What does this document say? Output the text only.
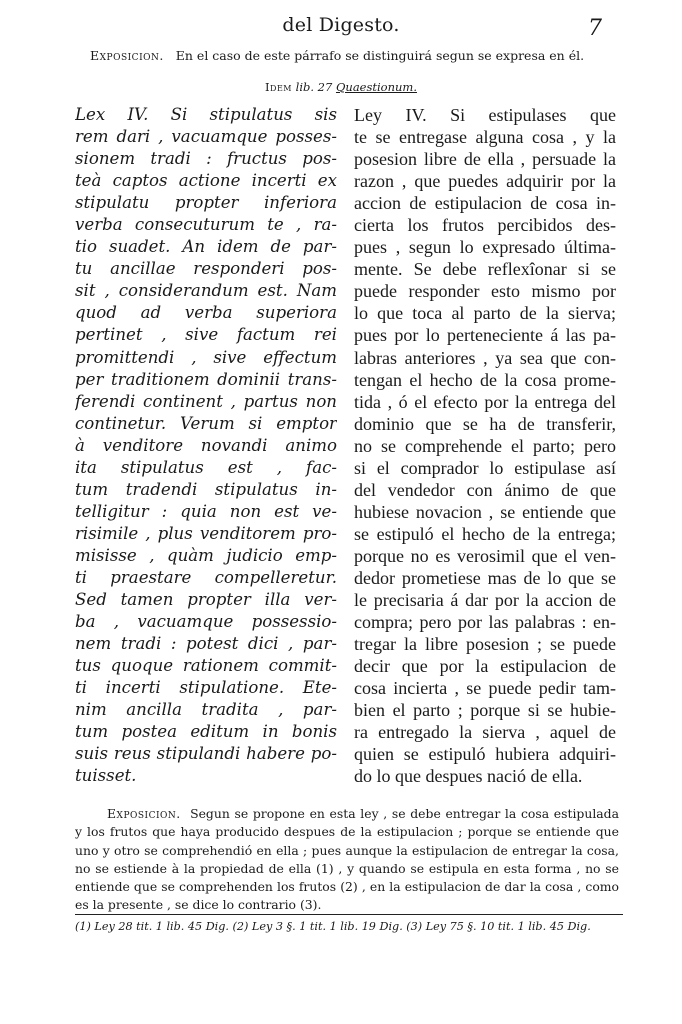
del Digesto.	7
Exposicion. En el caso de este párrafo se distinguirá segun se expresa en él.
Idem lib. 27 Quaestionum.
Lex IV. Si stipulatus sis
rem dari , vacuamque posses-
sionem tradi : fructus pos-
teà captos actione incerti ex
stipulatu propter inferiora
verba consecuturum te , ra-
tio suadet. An idem de par-
tu ancillae responderi pos-
sit , considerandum est. Nam
quod ad verba superiora
pertinet , sive factum rei
promittendi , sive effectum
per traditionem dominii trans-
ferendi continent , partus non
continetur. Verum si emptor
à venditore novandi animo
ita stipulatus est , fac-
tum tradendi stipulatus in-
telligitur : quia non est ve-
risimile , plus venditorem pro-
misisse , quàm judicio emp-
ti praestare compelleretur.
Sed tamen propter illa ver-
ba , vacuamque possessio-
nem tradi : potest dici , par-
tus quoque rationem commit-
ti incerti stipulatione. Ete-
nim ancilla tradita , par-
tum postea editum in bonis
suis reus stipulandi habere po-
tuisset.
Ley IV. Si estipulases que
te se entregase alguna cosa , y la
posesion libre de ella , persuade la
razon , que puedes adquirir por la
accion de estipulacion de cosa in-
cierta los frutos percibidos des-
pues , segun lo expresado última-
mente. Se debe reflexîonar si se
puede responder esto mismo por
lo que toca al parto de la sierva;
pues por lo perteneciente á las pa-
labras anteriores , ya sea que con-
tengan el hecho de la cosa prome-
tida , ó el efecto por la entrega del
dominio que se ha de transferir,
no se comprehende el parto; pero
si el comprador lo estipulase así
del vendedor con ánimo de que
hubiese novacion , se entiende que
se estipuló el hecho de la entrega;
porque no es verosimil que el ven-
dedor prometiese mas de lo que se
le precisaria á dar por la accion de
compra; pero por las palabras : en-
tregar la libre posesion ; se puede
decir que por la estipulacion de
cosa incierta , se puede pedir tam-
bien el parto ; porque si se hubie-
ra entregado la sierva , aquel de
quien se estipuló hubiera adquiri-
do lo que despues nació de ella.
Exposicion. Segun se propone en esta ley , se debe entregar la cosa estipulada
y los frutos que haya producido despues de la estipulacion ; porque se entiende que
uno y otro se comprehendió en ella ; pues aunque la estipulacion de entregar la cosa,
no se estiende à la propiedad de ella (1) , y quando se estipula en esta forma , no se
entiende que se comprehenden los frutos (2) , en la estipulacion de dar la cosa , como
es la presente , se dice lo contrario (3).
(1) Ley 28 tit. 1 lib. 45 Dig. (2) Ley 3 §. 1 tit. 1 lib. 19 Dig. (3) Ley 75 §. 10 tit. 1 lib. 45 Dig.
